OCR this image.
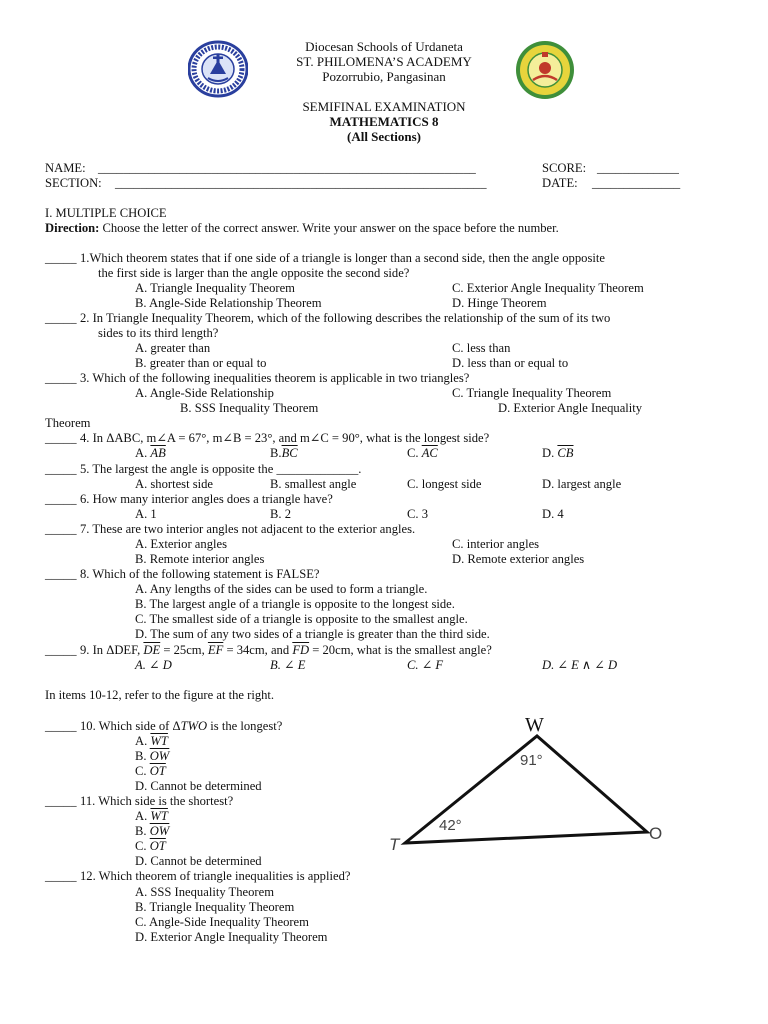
Diocesan Schools of Urdaneta
ST. PHILOMENA’S ACADEMY
Pozorrubio, Pangasinan
SEMIFINAL EXAMINATION
MATHEMATICS 8
(All Sections)
NAME: ____________________________________________________________	SCORE: _____________
SECTION: ___________________________________________________________	DATE: ______________
I. MULTIPLE CHOICE
Direction: Choose the letter of the correct answer. Write your answer on the space before the number.
_____ 1.Which theorem states that if one side of a triangle is longer than a second side, then the angle opposite
the first side is larger than the angle opposite the second side?
A. Triangle Inequality Theorem	C. Exterior Angle Inequality Theorem
B. Angle-Side Relationship Theorem	D. Hinge Theorem
_____ 2. In Triangle Inequality Theorem, which of the following describes the relationship of the sum of its two
sides to its third length?
A. greater than	C. less than
B. greater than or equal to	D. less than or equal to
_____ 3. Which of the following inequalities theorem is applicable in two triangles?
A. Angle-Side Relationship	C. Triangle Inequality Theorem
B. SSS Inequality Theorem	D. Exterior Angle Inequality
Theorem
_____ 4. In ΔABC, m∠A = 67°, m∠B = 23°, and m∠C = 90°, what is the longest side?
A. $\overline{AB}$	$B.\overline{BC}$	C. $\overline{AC}$	D. $\overline{CB}$
_____ 5. The largest the angle is opposite the _____________.
A. shortest side	B. smallest angle	C. longest side	D. largest angle
_____ 6. How many interior angles does a triangle have?
A. 1	B. 2	C. 3	D. 4
_____ 7. These are two interior angles not adjacent to the exterior angles.
A. Exterior angles	C. interior angles
B. Remote interior angles	D. Remote exterior angles
_____ 8. Which of the following statement is FALSE?
A. Any lengths of the sides can be used to form a triangle.
B. The largest angle of a triangle is opposite to the longest side.
C. The smallest side of a triangle is opposite to the smallest angle.
D. The sum of any two sides of a triangle is greater than the third side.
_____ 9. In ΔDEF, $\overline{DE} = 25cm$, $\overline{EF} = 34cm$, and $\overline{FD} = 20cm$, what is the smallest angle?
A. ∠ D	B. ∠ E	C. ∠ F	D. ∠ E ∧ ∠ D
In items 10-12, refer to the figure at the right.
_____ 10. Which side of ΔTWO is the longest?
A. $\overline{WT}$
B. $\overline{OW}$
C. $\overline{OT}$
D. Cannot be determined
_____ 11. Which side is the shortest?
A. $\overline{WT}$
B. $\overline{OW}$
C. $\overline{OT}$
D. Cannot be determined
_____ 12. Which theorem of triangle inequalities is applied?
A. SSS Inequality Theorem
B. Triangle Inequality Theorem
C. Angle-Side Inequality Theorem
D. Exterior Angle Inequality Theorem
W
T
O
91°
42°
